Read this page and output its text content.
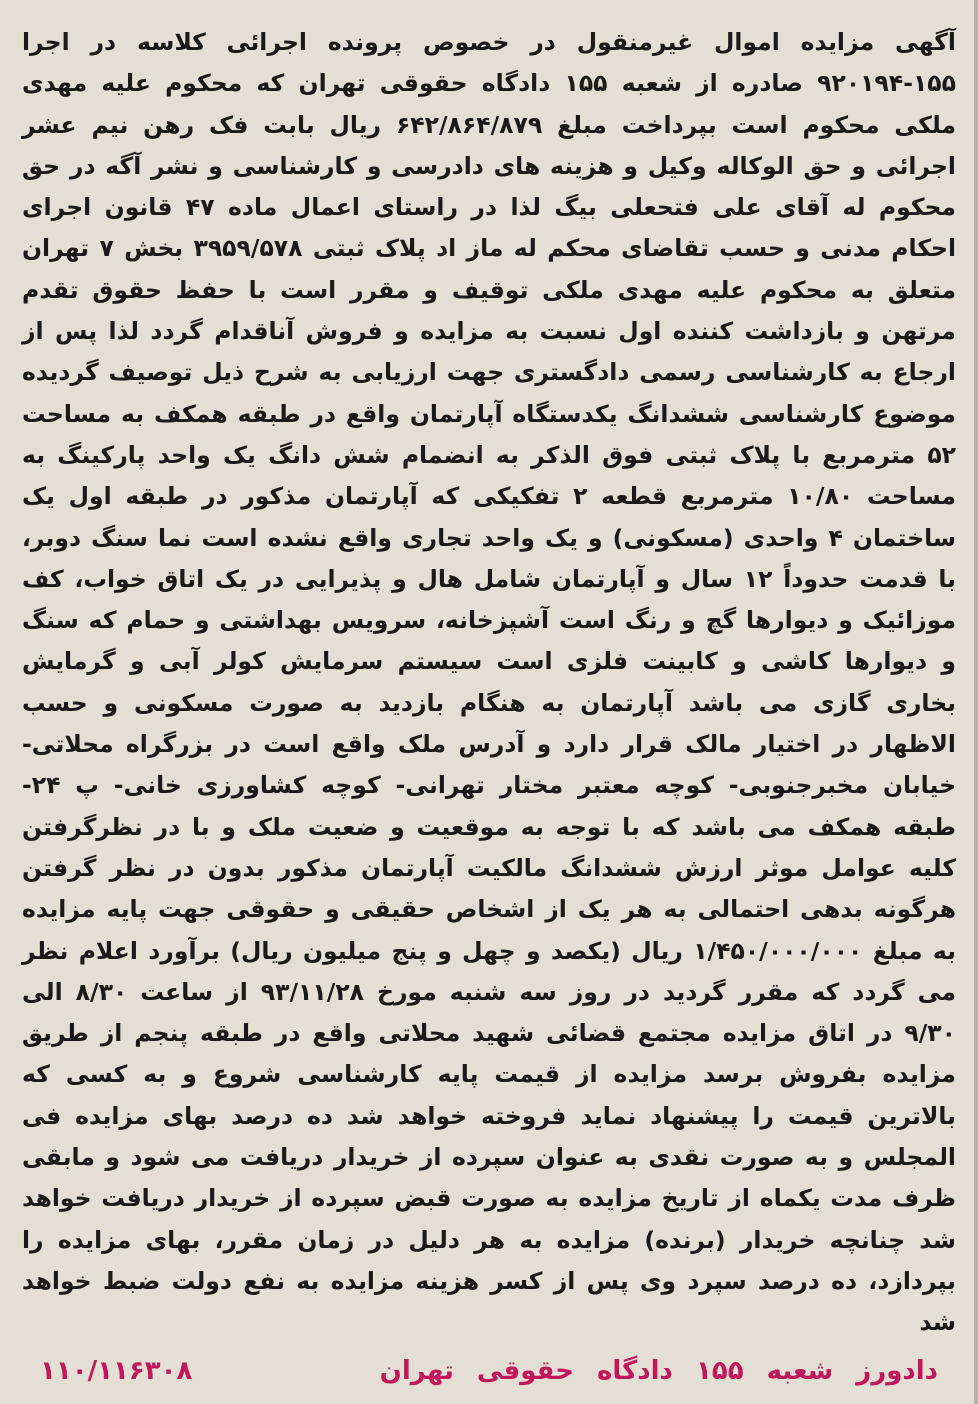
آگهی مزایده اموال غیرمنقول در خصوص پرونده اجرائی کلاسه در اجرا ۱۵۵-۹۲۰۱۹۴ صادره از شعبه ۱۵۵ دادگاه حقوقی تهران که محکوم علیه مهدی ملکی محکوم است بپرداخت مبلغ ۶۴۲/۸۶۴/۸۷۹ ریال بابت فک رهن نیم عشر اجرائی و حق الوکاله وکیل و هزینه های دادرسی و کارشناسی و نشر آگه در حق محکوم له آقای علی فتحعلی بیگ لذا در راستای اعمال ماده ۴۷ قانون اجرای احکام مدنی و حسب تقاضای محکم له ماز اد پلاک ثبتی ۳۹۵۹/۵۷۸ بخش ۷ تهران متعلق به محکوم علیه مهدی ملکی توقیف و مقرر است با حفظ حقوق تقدم مرتهن و بازداشت کننده اول نسبت به مزایده و فروش آناقدام گردد لذا پس از ارجاع به کارشناسی رسمی دادگستری جهت ارزیابی به شرح ذیل توصیف گردیده موضوع کارشناسی ششدانگ یکدستگاه آپارتمان واقع در طبقه همکف به مساحت ۵۲ مترمربع با پلاک ثبتی فوق الذکر به انضمام شش دانگ یک واحد پارکینگ به مساحت ۱۰/۸۰ مترمربع قطعه ۲ تفکیکی که آپارتمان مذکور در طبقه اول یک ساختمان ۴ واحدی (مسکونی) و یک واحد تجاری واقع نشده است نما سنگ دوبر، با قدمت حدوداً ۱۲ سال و آپارتمان شامل هال و پذیرایی در یک اتاق خواب، کف موزائیک و دیوارها گچ و رنگ است آشپزخانه، سرویس بهداشتی و حمام که سنگ و دیوارها کاشی و کابینت فلزی است سیستم سرمایش کولر آبی و گرمایش بخاری گازی می باشد آپارتمان به هنگام بازدید به صورت مسکونی و حسب الاظهار در اختیار مالک قرار دارد و آدرس ملک واقع است در بزرگراه محلاتی- خیابان مخبرجنوبی- کوچه معتبر مختار تهرانی- کوچه کشاورزی خانی- پ ۲۴- طبقه همکف می باشد که با توجه به موقعیت و ضعیت ملک و با در نظرگرفتن کلیه عوامل موثر ارزش ششدانگ مالکیت آپارتمان مذکور بدون در نظر گرفتن هرگونه بدهی احتمالی به هر یک از اشخاص حقیقی و حقوقی جهت پایه مزایده به مبلغ ۱/۴۵۰/۰۰۰/۰۰۰ ریال (یکصد و چهل و پنج میلیون ریال) برآورد اعلام نظر می گردد که مقرر گردید در روز سه شنبه مورخ ۹۳/۱۱/۲۸ از ساعت ۸/۳۰ الی ۹/۳۰ در اتاق مزایده مجتمع قضائی شهید محلاتی واقع در طبقه پنجم از طریق مزایده بفروش برسد مزایده از قیمت پایه کارشناسی شروع و به کسی که بالاترین قیمت را پیشنهاد نماید فروخته خواهد شد ده درصد بهای مزایده فی المجلس و به صورت نقدی به عنوان سپرده از خریدار دریافت می شود و مابقی ظرف مدت یکماه از تاریخ مزایده به صورت قبض سپرده از خریدار دریافت خواهد شد چنانچه خریدار (برنده) مزایده به هر دلیل در زمان مقرر، بهای مزایده را بپردازد، ده درصد سپرد وی پس از کسر هزینه مزایده به نفع دولت ضبط خواهد شد
دادورز شعبه ۱۵۵ دادگاه حقوقی تهران
۱۱۰/۱۱۶۳۰۸
